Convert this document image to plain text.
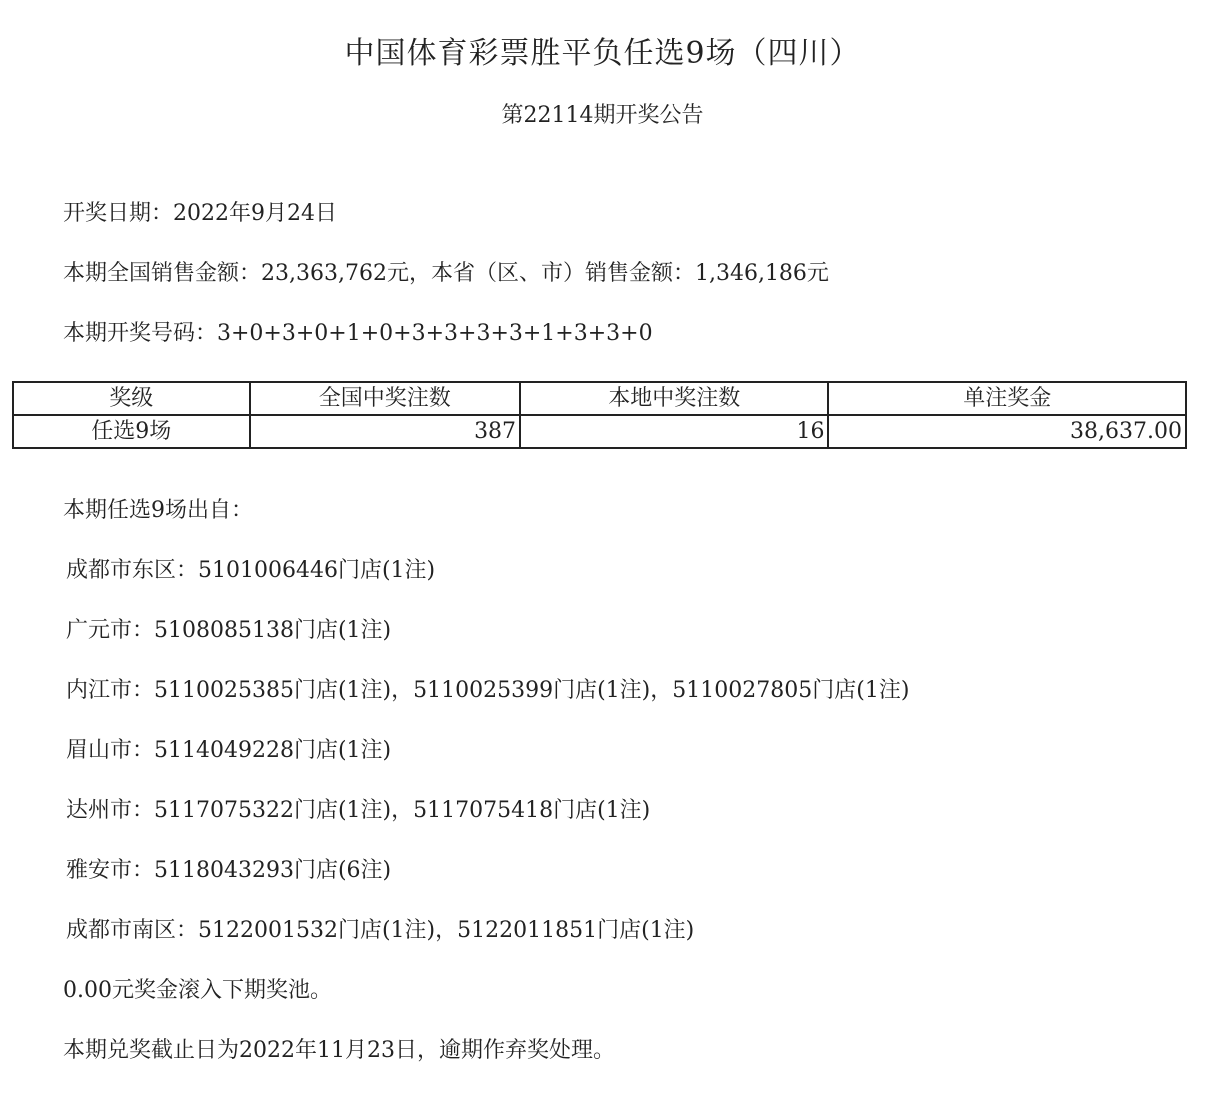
中国体育彩票胜平负任选9场（四川）
第22114期开奖公告
开奖日期：2022年9月24日
本期全国销售金额：23,363,762元，本省（区、市）销售金额：1,346,186元
本期开奖号码：3+0+3+0+1+0+3+3+3+3+1+3+3+0
奖级	全国中奖注数	本地中奖注数	单注奖金
任选9场	387	16	38,637.00
本期任选9场出自：
成都市东区：5101006446门店(1注)
广元市：5108085138门店(1注)
内江市：5110025385门店(1注)，5110025399门店(1注)，5110027805门店(1注)
眉山市：5114049228门店(1注)
达州市：5117075322门店(1注)，5117075418门店(1注)
雅安市：5118043293门店(6注)
成都市南区：5122001532门店(1注)，5122011851门店(1注)
0.00元奖金滚入下期奖池。
本期兑奖截止日为2022年11月23日，逾期作弃奖处理。
